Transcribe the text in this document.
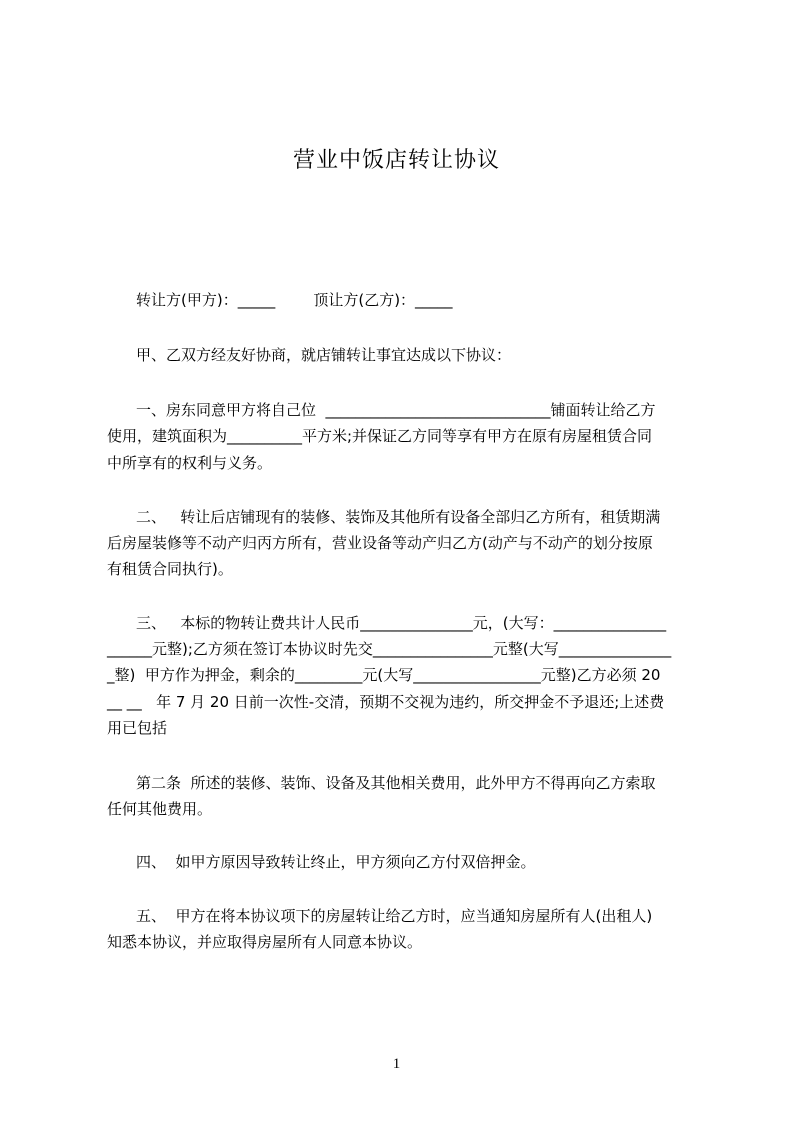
营业中饭店转让协议
转让方(甲方)：_____        顶让方(乙方)：_____
甲、乙双方经友好协商，就店铺转让事宜达成以下协议：
一、房东同意甲方将自己位  ______________________________铺面转让给乙方
使用，建筑面积为__________平方米;并保证乙方同等享有甲方在原有房屋租赁合同
中所享有的权利与义务。
二、   转让后店铺现有的装修、装饰及其他所有设备全部归乙方所有，租赁期满
后房屋装修等不动产归丙方所有，营业设备等动产归乙方(动产与不动产的划分按原
有租赁合同执行)。
三、   本标的物转让费共计人民币_______________元，(大写：_______________
______元整);乙方须在签订本协议时先交________________元整(大写_______________
_整)  甲方作为押金，剩余的_________元(大写_________________元整)乙方必须 20
__ __   年 7 月 20 日前一次性-交清，预期不交视为违约，所交押金不予退还;上述费
用已包括
第二条  所述的装修、装饰、设备及其他相关费用，此外甲方不得再向乙方索取
任何其他费用。
四、  如甲方原因导致转让终止，甲方须向乙方付双倍押金。
五、  甲方在将本协议项下的房屋转让给乙方时，应当通知房屋所有人(出租人)
知悉本协议，并应取得房屋所有人同意本协议。
1
